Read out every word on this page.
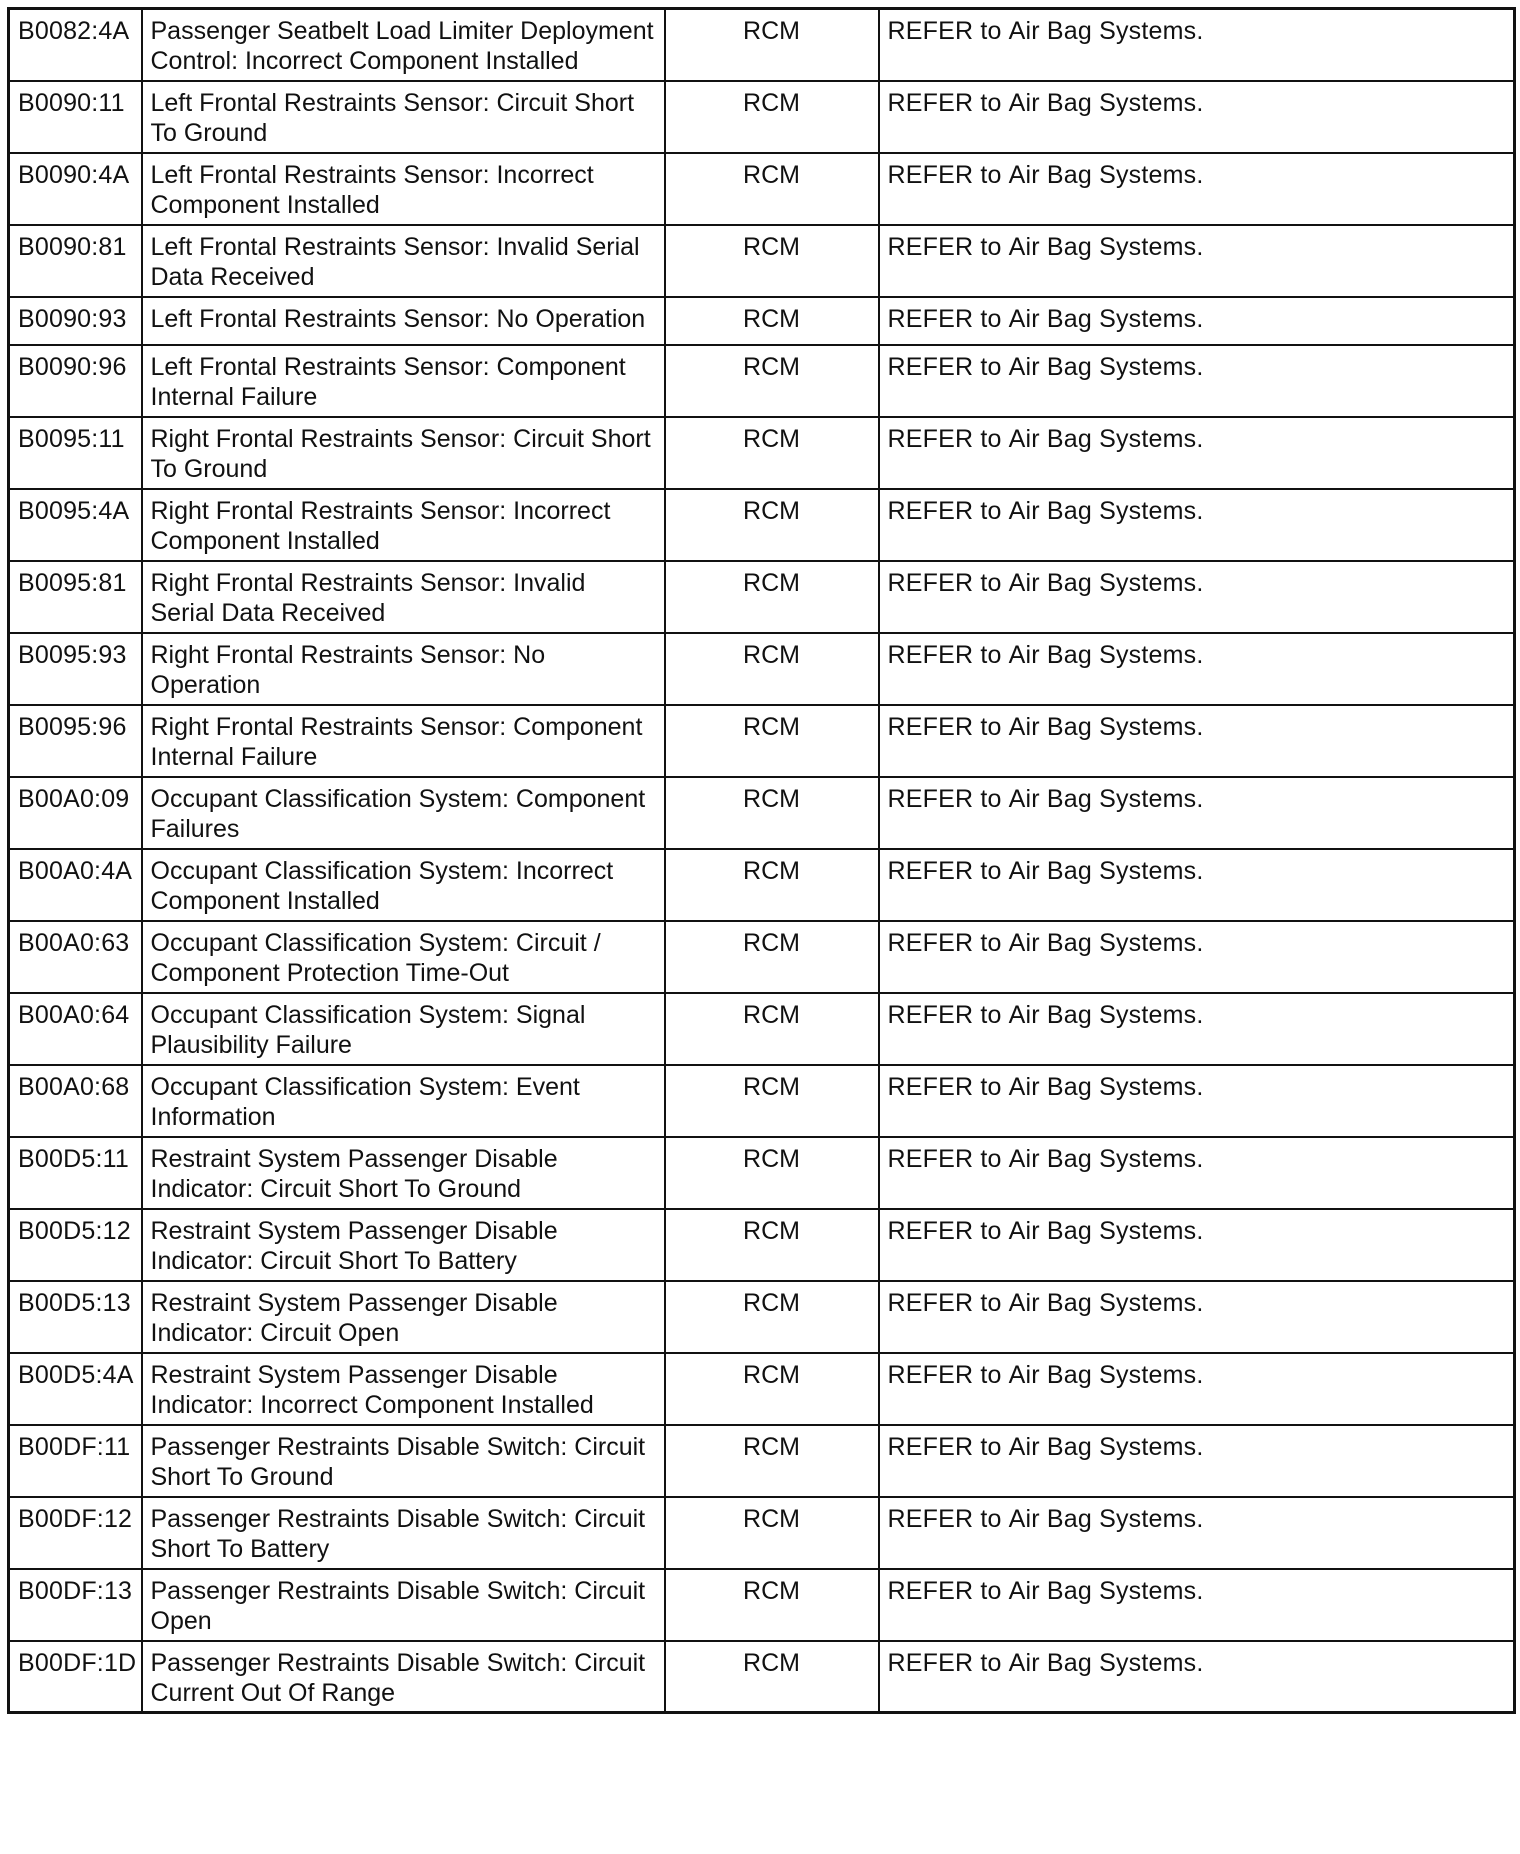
B0082:4A	Passenger Seatbelt Load Limiter Deployment Control: Incorrect Component Installed	RCM	REFER to Air Bag Systems.
B0090:11	Left Frontal Restraints Sensor: Circuit Short To Ground	RCM	REFER to Air Bag Systems.
B0090:4A	Left Frontal Restraints Sensor: Incorrect Component Installed	RCM	REFER to Air Bag Systems.
B0090:81	Left Frontal Restraints Sensor: Invalid Serial Data Received	RCM	REFER to Air Bag Systems.
B0090:93	Left Frontal Restraints Sensor: No Operation	RCM	REFER to Air Bag Systems.
B0090:96	Left Frontal Restraints Sensor: Component Internal Failure	RCM	REFER to Air Bag Systems.
B0095:11	Right Frontal Restraints Sensor: Circuit Short To Ground	RCM	REFER to Air Bag Systems.
B0095:4A	Right Frontal Restraints Sensor: Incorrect Component Installed	RCM	REFER to Air Bag Systems.
B0095:81	Right Frontal Restraints Sensor: Invalid Serial Data Received	RCM	REFER to Air Bag Systems.
B0095:93	Right Frontal Restraints Sensor: No Operation	RCM	REFER to Air Bag Systems.
B0095:96	Right Frontal Restraints Sensor: Component Internal Failure	RCM	REFER to Air Bag Systems.
B00A0:09	Occupant Classification System: Component Failures	RCM	REFER to Air Bag Systems.
B00A0:4A	Occupant Classification System: Incorrect Component Installed	RCM	REFER to Air Bag Systems.
B00A0:63	Occupant Classification System: Circuit / Component Protection Time-Out	RCM	REFER to Air Bag Systems.
B00A0:64	Occupant Classification System: Signal Plausibility Failure	RCM	REFER to Air Bag Systems.
B00A0:68	Occupant Classification System: Event Information	RCM	REFER to Air Bag Systems.
B00D5:11	Restraint System Passenger Disable Indicator: Circuit Short To Ground	RCM	REFER to Air Bag Systems.
B00D5:12	Restraint System Passenger Disable Indicator: Circuit Short To Battery	RCM	REFER to Air Bag Systems.
B00D5:13	Restraint System Passenger Disable Indicator: Circuit Open	RCM	REFER to Air Bag Systems.
B00D5:4A	Restraint System Passenger Disable Indicator: Incorrect Component Installed	RCM	REFER to Air Bag Systems.
B00DF:11	Passenger Restraints Disable Switch: Circuit Short To Ground	RCM	REFER to Air Bag Systems.
B00DF:12	Passenger Restraints Disable Switch: Circuit Short To Battery	RCM	REFER to Air Bag Systems.
B00DF:13	Passenger Restraints Disable Switch: Circuit Open	RCM	REFER to Air Bag Systems.
B00DF:1D	Passenger Restraints Disable Switch: Circuit Current Out Of Range	RCM	REFER to Air Bag Systems.
